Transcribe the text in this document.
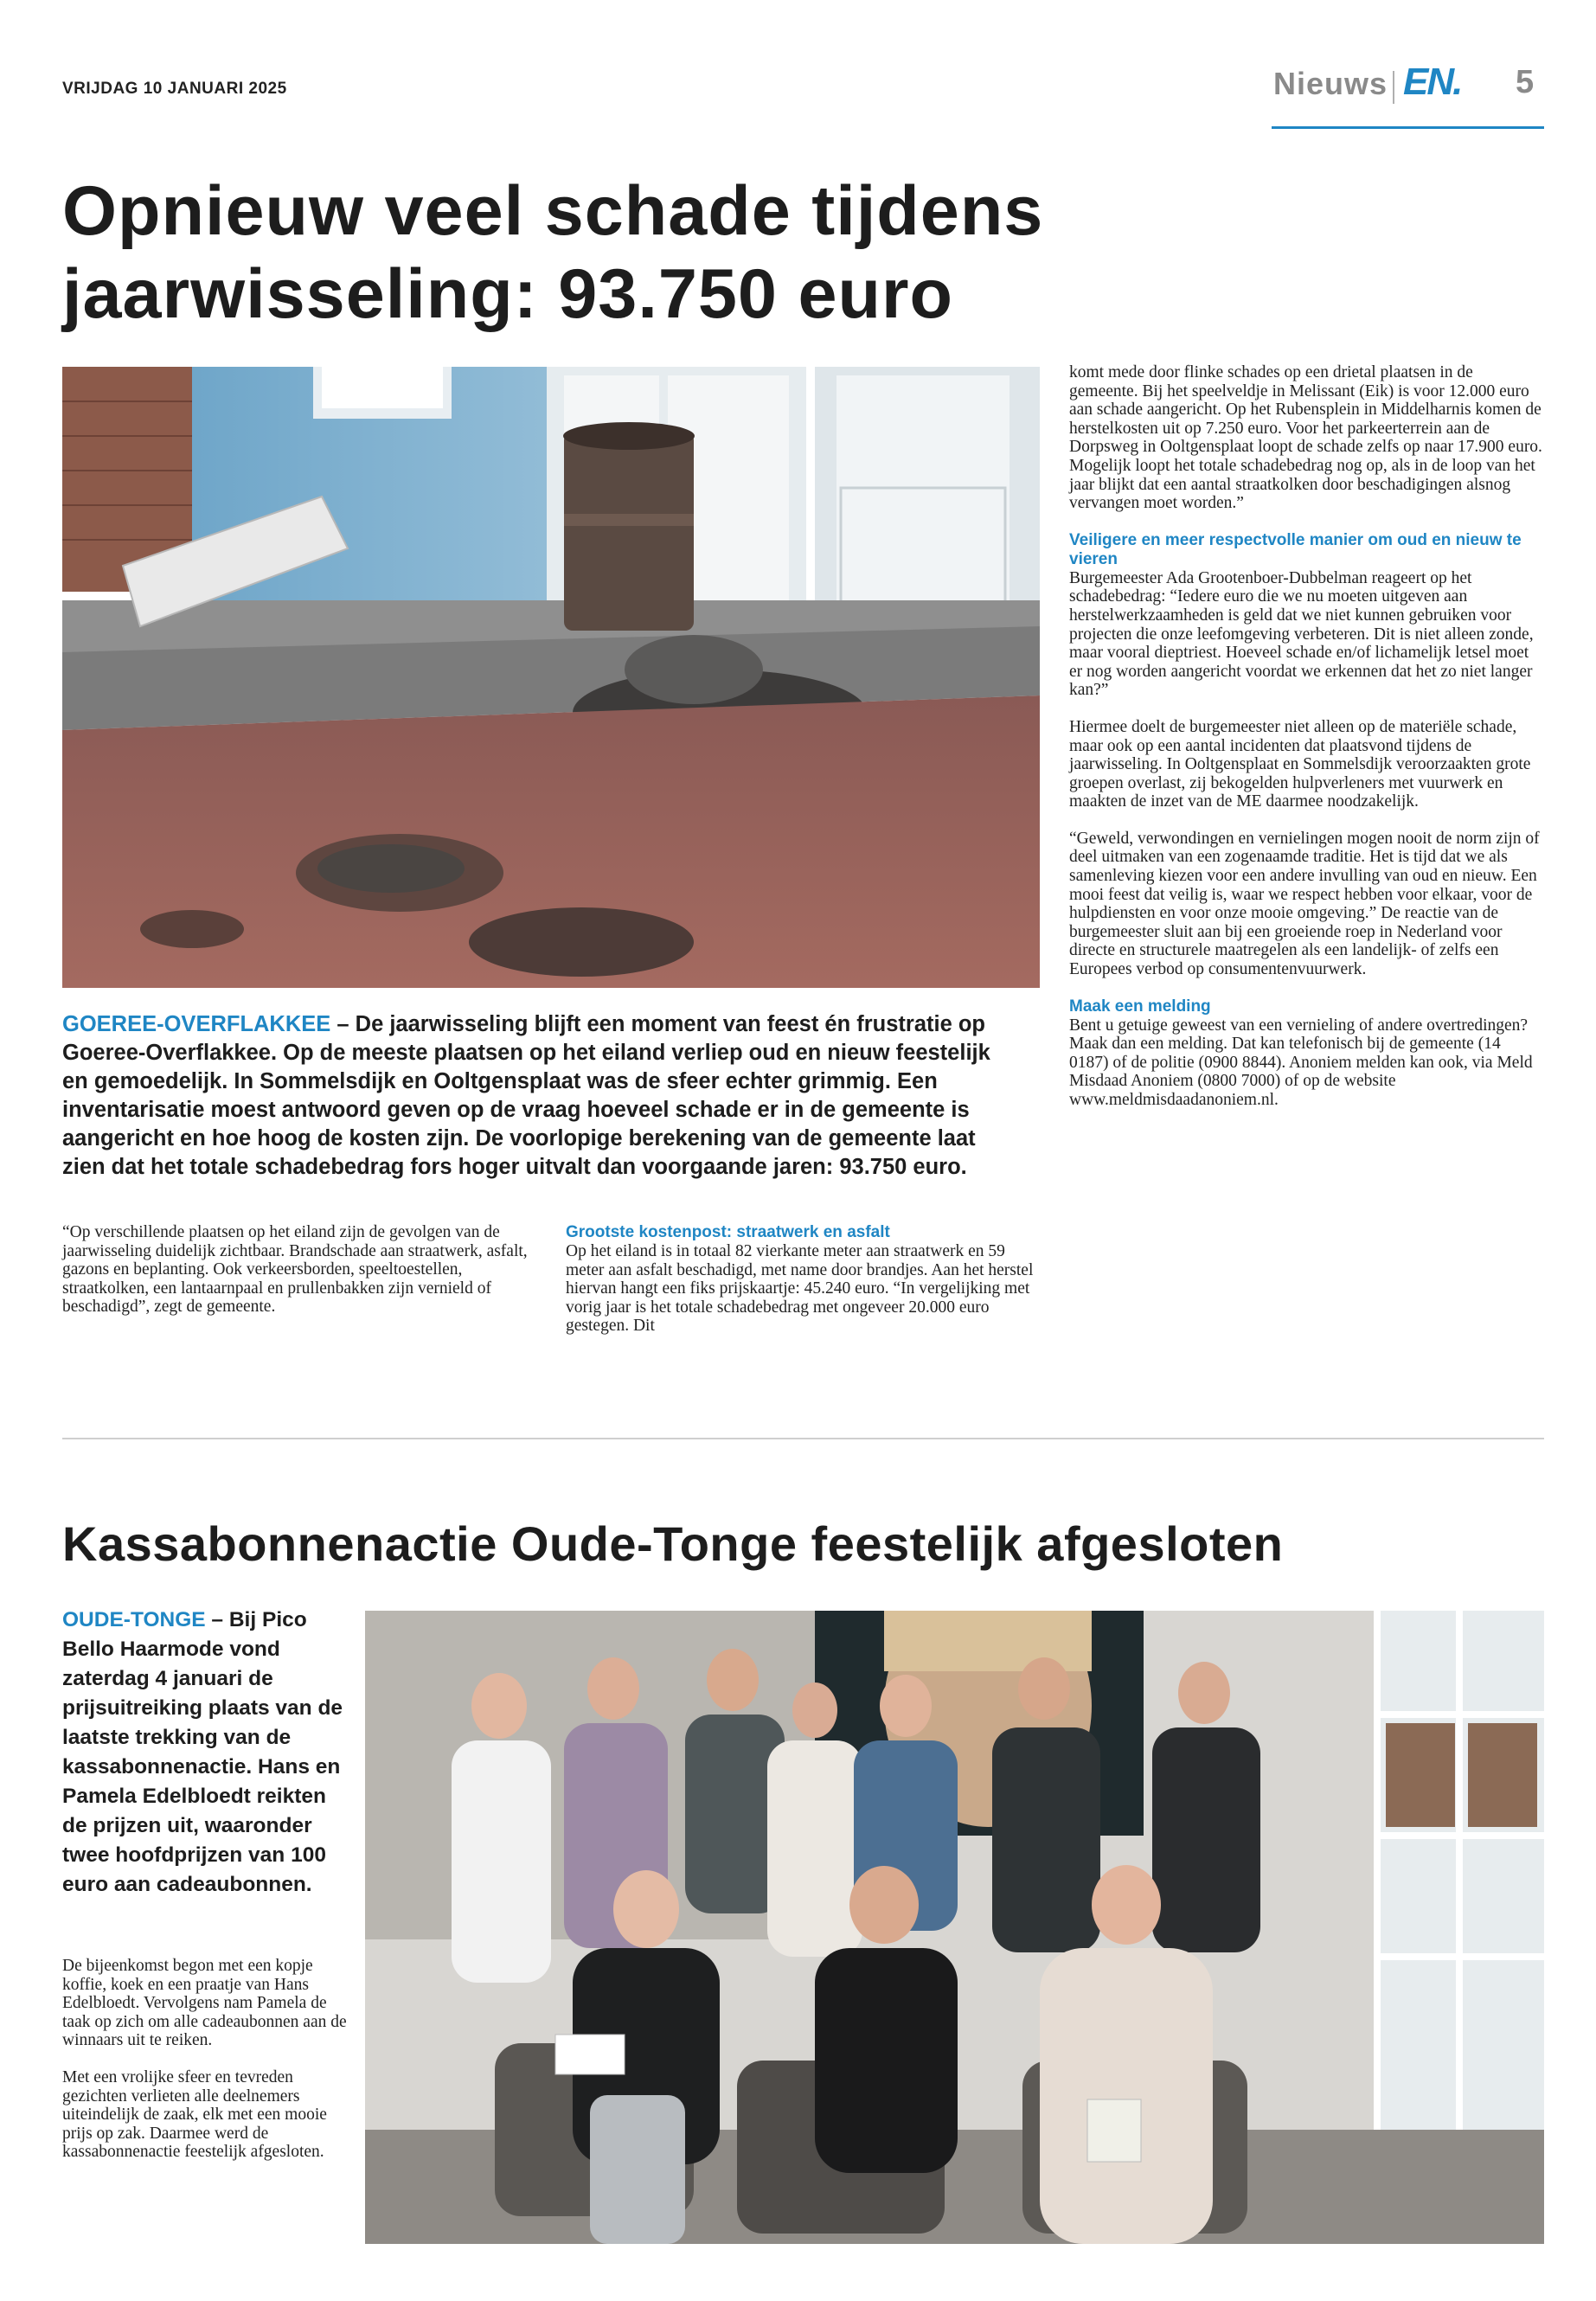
VRIJDAG 10 JANUARI 2025	Nieuws EN. 5
Opnieuw veel schade tijdens
jaarwisseling: 93.750 euro
GOEREE-OVERFLAKKEE – De jaarwisseling blijft een moment van feest én frustratie op Goeree-Overflakkee. Op de meeste plaatsen op het eiland verliep oud en nieuw feestelijk en gemoedelijk. In Sommelsdijk en Ooltgensplaat was de sfeer echter grimmig. Een inventarisatie moest antwoord geven op de vraag hoeveel schade er in de gemeente is aangericht en hoe hoog de kosten zijn. De voorlopige berekening van de gemeente laat zien dat het totale schadebedrag fors hoger uitvalt dan voorgaande jaren: 93.750 euro.

“Op verschillende plaatsen op het eiland zijn de gevolgen van de jaarwisseling duidelijk zichtbaar. Brandschade aan straatwerk, asfalt, gazons en beplanting. Ook verkeersborden, speeltoestellen, straatkolken, een lantaarnpaal en prullenbakken zijn vernield of beschadigd”, zegt de gemeente.

Grootste kostenpost: straatwerk en asfalt

Op het eiland is in totaal 82 vierkante meter aan straatwerk en 59 meter aan asfalt beschadigd, met name door brandjes. Aan het herstel hiervan hangt een fiks prijskaartje: 45.240 euro. “In vergelijking met vorig jaar is het totale schadebedrag met ongeveer 20.000 euro gestegen. Dit

komt mede door flinke schades op een drietal plaatsen in de gemeente. Bij het speelveldje in Melissant (Eik) is voor 12.000 euro aan schade aangericht. Op het Rubensplein in Middelharnis komen de herstelkosten uit op 7.250 euro. Voor het parkeerterrein aan de Dorpsweg in Ooltgensplaat loopt de schade zelfs op naar 17.900 euro. Mogelijk loopt het totale schadebedrag nog op, als in de loop van het jaar blijkt dat een aantal straatkolken door beschadigingen alsnog vervangen moet worden.”

Veiligere en meer respectvolle manier om oud en nieuw te vieren

Burgemeester Ada Grootenboer-Dubbelman reageert op het schadebedrag: “Iedere euro die we nu moeten uitgeven aan herstelwerkzaamheden is geld dat we niet kunnen gebruiken voor projecten die onze leefomgeving verbeteren. Dit is niet alleen zonde, maar vooral dieptriest. Hoeveel schade en/of lichamelijk letsel moet er nog worden aangericht voordat we erkennen dat het zo niet langer kan?”

Hiermee doelt de burgemeester niet alleen op de materiële schade, maar ook op een aantal incidenten dat plaatsvond tijdens de jaarwisseling. In Ooltgensplaat en Sommelsdijk veroorzaakten grote groepen overlast, zij bekogelden hulpverleners met vuurwerk en maakten de inzet van de ME daarmee noodzakelijk.

“Geweld, verwondingen en vernielingen mogen nooit de norm zijn of deel uitmaken van een zogenaamde traditie. Het is tijd dat we als samenleving kiezen voor een andere invulling van oud en nieuw. Een mooi feest dat veilig is, waar we respect hebben voor elkaar, voor de hulpdiensten en voor onze mooie omgeving.” De reactie van de burgemeester sluit aan bij een groeiende roep in Nederland voor directe en structurele maatregelen als een landelijk- of zelfs een Europees verbod op consumentenvuurwerk.

Maak een melding

Bent u getuige geweest van een vernieling of andere overtredingen? Maak dan een melding. Dat kan telefonisch bij de gemeente (14 0187) of de politie (0900 8844). Anoniem melden kan ook, via Meld Misdaad Anoniem (0800 7000) of op de website www.meldmisdaadanoniem.nl.

Kassabonnenactie Oude-Tonge feestelijk afgesloten
OUDE-TONGE – Bij Pico Bello Haarmode vond zaterdag 4 januari de prijsuitreiking plaats van de laatste trekking van de kassabonnenactie. Hans en Pamela Edelbloedt reikten de prijzen uit, waaronder twee hoofdprijzen van 100 euro aan cadeaubonnen.

De bijeenkomst begon met een kopje koffie, koek en een praatje van Hans Edelbloedt. Vervolgens nam Pamela de taak op zich om alle cadeaubonnen aan de winnaars uit te reiken.

Met een vrolijke sfeer en tevreden gezichten verlieten alle deelnemers uiteindelijk de zaak, elk met een mooie prijs op zak. Daarmee werd de kassabonnenactie feestelijk afgesloten.
